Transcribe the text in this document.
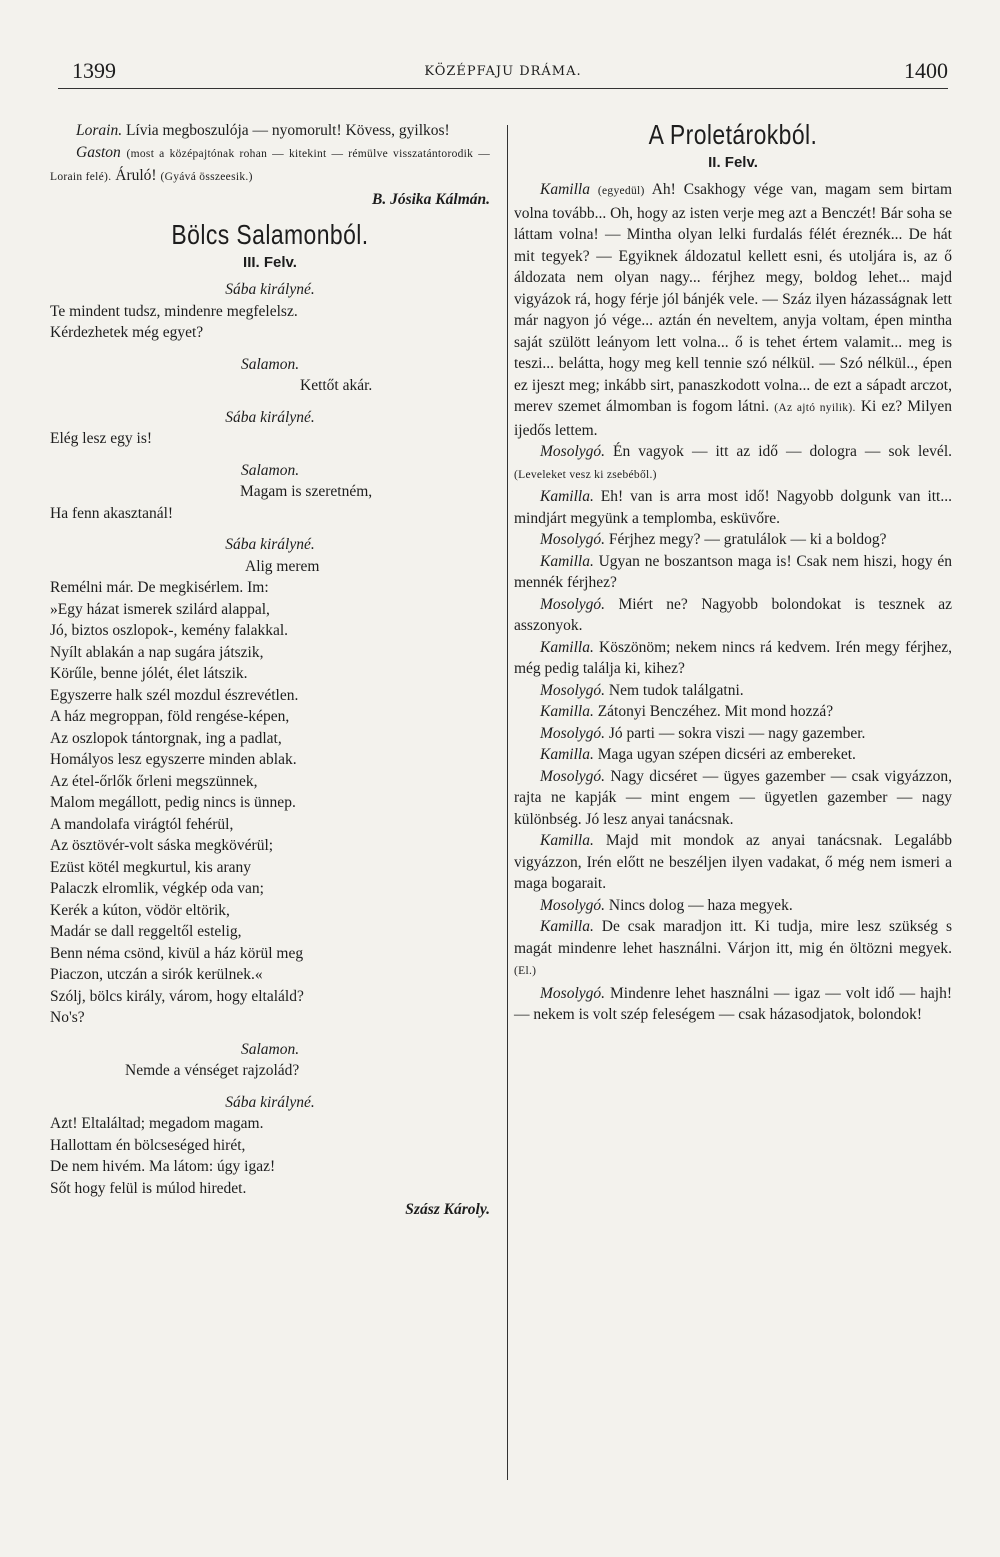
1399	KÖZÉPFAJU DRÁMA.	1400

Lorain. Lívia megboszulója — nyomorult! Kövess, gyilkos!

Gaston (most a középajtónak rohan — kitekint — rémülve visszatántorodik — Lorain felé). Áruló! (Gyává összeesik.)

B. Jósika Kálmán.

Bölcs Salamonból.

III. Felv.

Sába királyné.

Te mindent tudsz, mindenre megfelelsz.

Kérdezhetek még egyet?

Salamon.

Kettőt akár.

Sába királyné.

Elég lesz egy is!

Salamon.

Magam is szeretném,

Ha fenn akasztanál!

Sába királyné.

Alig merem

Remélni már. De megkisérlem. Im:

»Egy házat ismerek szilárd alappal,

Jó, biztos oszlopok-, kemény falakkal.

Nyílt ablakán a nap sugára játszik,

Körűle, benne jólét, élet látszik.

Egyszerre halk szél mozdul észrevétlen.

A ház megroppan, föld rengése-képen,

Az oszlopok tántorgnak, ing a padlat,

Homályos lesz egyszerre minden ablak.

Az étel-őrlők őrleni megszünnek,

Malom megállott, pedig nincs is ünnep.

A mandolafa virágtól fehérül,

Az ösztövér-volt sáska megkövérül;

Ezüst kötél megkurtul, kis arany

Palaczk elromlik, végkép oda van;

Kerék a kúton, vödör eltörik,

Madár se dall reggeltől estelig,

Benn néma csönd, kivül a ház körül meg

Piaczon, utczán a sirók kerülnek.«

Szólj, bölcs király, várom, hogy eltaláld?

No's?

Salamon.

Nemde a vénséget rajzolád?

Sába királyné.

Azt! Eltaláltad; megadom magam.

Hallottam én bölcseséged hirét,

De nem hivém. Ma látom: úgy igaz!

Sőt hogy felül is múlod hiredet.

Szász Károly.

A Proletárokból.

II. Felv.

Kamilla (egyedül) Ah! Csakhogy vége van, magam sem birtam volna tovább... Oh, hogy az isten verje meg azt a Benczét! Bár soha se láttam volna! — Mintha olyan lelki furdalás félét éreznék... De hát mit tegyek? — Egyiknek áldozatul kellett esni, és utoljára is, az ő áldozata nem olyan nagy... férjhez megy, boldog lehet... majd vigyázok rá, hogy férje jól bánjék vele. — Száz ilyen házasságnak lett már nagyon jó vége... aztán én neveltem, anyja voltam, épen mintha saját szülött leányom lett volna... ő is tehet értem valamit... meg is teszi... belátta, hogy meg kell tennie szó nélkül. — Szó nélkül.., épen ez ijeszt meg; inkább sirt, panaszkodott volna... de ezt a sápadt arczot, merev szemet álmomban is fogom látni. (Az ajtó nyilik). Ki ez? Milyen ijedős lettem.

Mosolygó. Én vagyok — itt az idő — dologra — sok levél. (Leveleket vesz ki zsebéből.)

Kamilla. Eh! van is arra most idő! Nagyobb dolgunk van itt... mindjárt megyünk a templomba, esküvőre.

Mosolygó. Férjhez megy? — gratulálok — ki a boldog?

Kamilla. Ugyan ne boszantson maga is! Csak nem hiszi, hogy én mennék férjhez?

Mosolygó. Miért ne? Nagyobb bolondokat is tesznek az asszonyok.

Kamilla. Köszönöm; nekem nincs rá kedvem. Irén megy férjhez, még pedig találja ki, kihez?

Mosolygó. Nem tudok találgatni.

Kamilla. Zátonyi Benczéhez. Mit mond hozzá?

Mosolygó. Jó parti — sokra viszi — nagy gazember.

Kamilla. Maga ugyan szépen dicséri az embereket.

Mosolygó. Nagy dicséret — ügyes gazember — csak vigyázzon, rajta ne kapják — mint engem — ügyetlen gazember — nagy különbség. Jó lesz anyai tanácsnak.

Kamilla. Majd mit mondok az anyai tanácsnak. Legalább vigyázzon, Irén előtt ne beszéljen ilyen vadakat, ő még nem ismeri a maga bogarait.

Mosolygó. Nincs dolog — haza megyek.

Kamilla. De csak maradjon itt. Ki tudja, mire lesz szükség s magát mindenre lehet használni. Várjon itt, mig én öltözni megyek. (El.)

Mosolygó. Mindenre lehet használni — igaz — volt idő — hajh! — nekem is volt szép feleségem — csak házasodjatok, bolondok!
